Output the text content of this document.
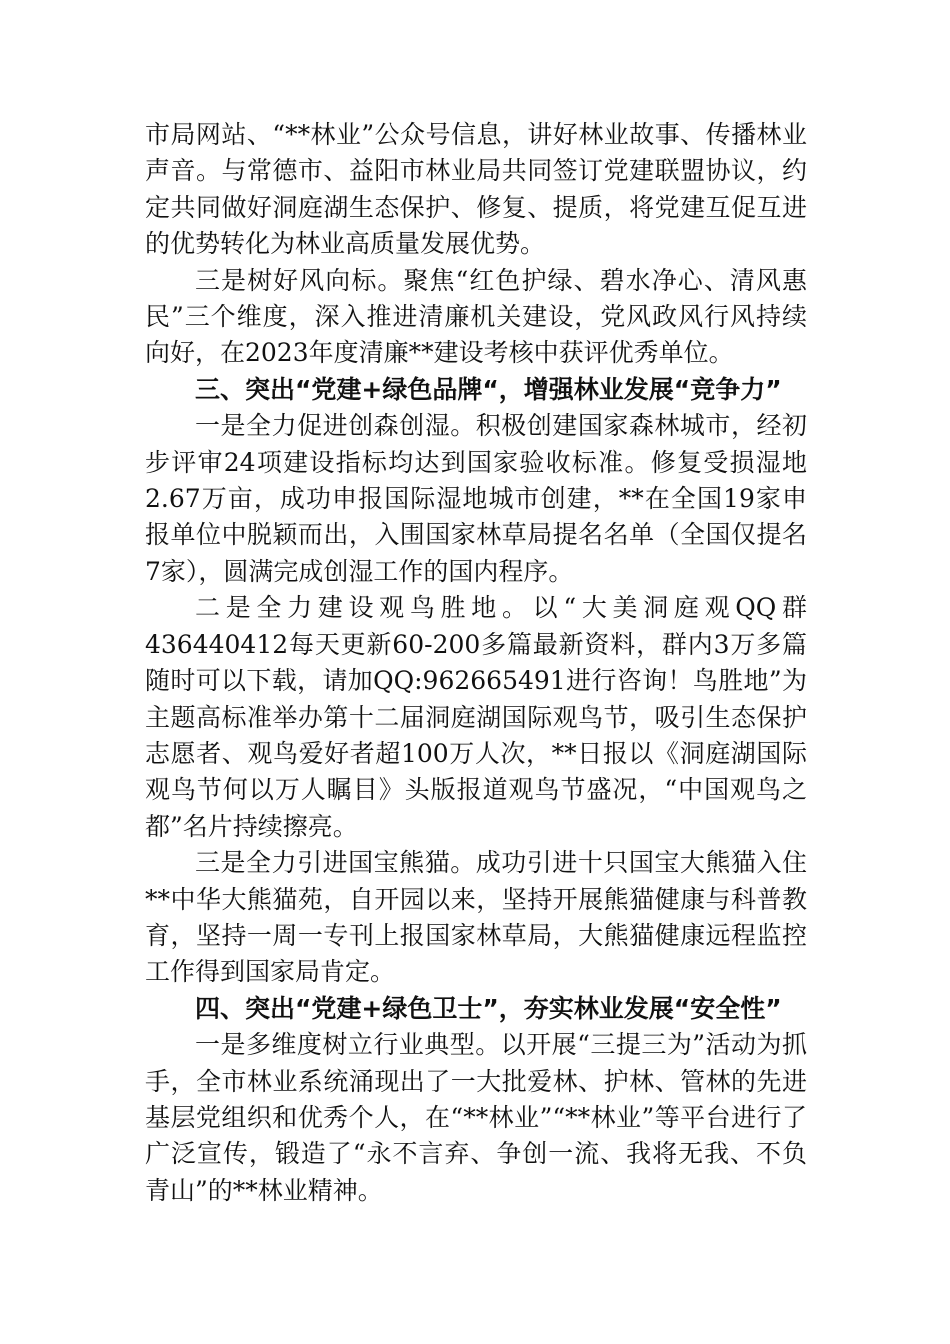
市局网站、“**林业”公众号信息，讲好林业故事、传播林业声音。与常德市、益阳市林业局共同签订党建联盟协议，约定共同做好洞庭湖生态保护、修复、提质，将党建互促互进的优势转化为林业高质量发展优势。

三是树好风向标。聚焦“红色护绿、碧水净心、清风惠民”三个维度，深入推进清廉机关建设，党风政风行风持续向好，在2023年度清廉**建设考核中获评优秀单位。

三、突出“党建+绿色品牌“，增强林业发展“竞争力”

一是全力促进创森创湿。积极创建国家森林城市，经初步评审24项建设指标均达到国家验收标准。修复受损湿地2.67万亩，成功申报国际湿地城市创建，**在全国19家申报单位中脱颖而出，入围国家林草局提名名单（全国仅提名7家），圆满完成创湿工作的国内程序。

二是全力建设观鸟胜地。以“大美洞庭观QQ群436440412每天更新60-200多篇最新资料，群内3万多篇随时可以下载，请加QQ:962665491进行咨询！鸟胜地”为主题高标准举办第十二届洞庭湖国际观鸟节，吸引生态保护志愿者、观鸟爱好者超100万人次，**日报以《洞庭湖国际观鸟节何以万人瞩目》头版报道观鸟节盛况，“中国观鸟之都”名片持续擦亮。

三是全力引进国宝熊猫。成功引进十只国宝大熊猫入住**中华大熊猫苑，自开园以来，坚持开展熊猫健康与科普教育，坚持一周一专刊上报国家林草局，大熊猫健康远程监控工作得到国家局肯定。

四、突出“党建+绿色卫士”，夯实林业发展“安全性”

一是多维度树立行业典型。以开展“三提三为”活动为抓手，全市林业系统涌现出了一大批爱林、护林、管林的先进基层党组织和优秀个人，在“**林业”“**林业”等平台进行了广泛宣传，锻造了“永不言弃、争创一流、我将无我、不负青山”的**林业精神。
